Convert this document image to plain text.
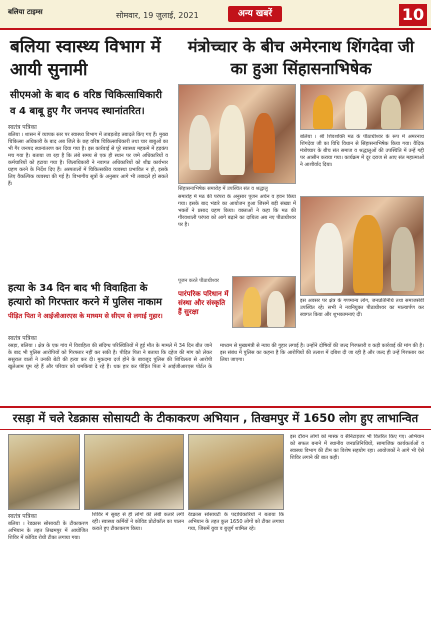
बलिया टाइम्स	सोमवार, 19 जुलाई, 2021	अन्य खबरें	10
बलिया स्वास्थ्य विभाग में आयी सुनामी
सीएमओ के बाद 6 वरिष्ठ चिकित्साधिकारी व 4 बाबू हुए गैर जनपद स्थानांतरित।
स्वतंत्र पत्रिका
बलिया । शासन में व्यापक स्तर पर स्वास्थ्य विभाग में ताबड़तोड़ तबादले किए गए हैं। मुख्य चिकित्सा अधिकारी के बाद अब जिले के छह वरिष्ठ चिकित्साधिकारी तथा चार बाबुओं का भी गैर जनपद स्थानांतरण कर दिया गया है। इस कार्रवाई से पूरे स्वास्थ्य महकमे में हड़कंप मच गया है। बताया जा रहा है कि लंबे समय से एक ही स्थान पर जमे अधिकारियों व कर्मचारियों को हटाया गया है। जिलाधिकारी ने नवागत अधिकारियों को शीघ्र कार्यभार ग्रहण करने के निर्देश दिए हैं। अस्पतालों में चिकित्सकीय व्यवस्था प्रभावित न हो, इसके लिए वैकल्पिक व्यवस्था की गई है। विभागीय सूत्रों के अनुसार आगे भी तबादले हो सकते हैं।
हत्या के 34 दिन बाद भी विवाहिता के हत्यारो को गिरफ्तार करने में पुलिस नाकाम
पीड़ित पिता ने आईजीआरएस के माध्यम से सीएम से लगाई गुहार।
स्वतंत्र पत्रिका
रसड़ा, बलिया । क्षेत्र के एक गांव में विवाहिता की संदिग्ध परिस्थितियों में हुई मौत के मामले में 34 दिन बीत जाने के बाद भी पुलिस आरोपियों को गिरफ्तार नहीं कर सकी है। पीड़ित पिता ने बताया कि दहेज की मांग को लेकर ससुराल वालों ने उनकी बेटी की हत्या कर दी। मुकदमा दर्ज होने के बावजूद पुलिस की शिथिलता से आरोपी खुलेआम घूम रहे हैं और परिवार को धमकियां दे रहे हैं। थक हार कर पीड़ित पिता ने आईजीआरएस पोर्टल के माध्यम से मुख्यमंत्री से न्याय की गुहार लगाई है। उन्होंने दोषियों की जल्द गिरफ्तारी व कड़ी कार्रवाई की मांग की है। इस संबंध में पुलिस का कहना है कि आरोपियों की तलाश में दबिश दी जा रही है और जल्द ही उन्हें गिरफ्तार कर लिया जाएगा।
मंत्रोच्चार के बीच अमेरनाथ शिंगदेवा जी का हुआ सिंहासनाभिषेक
सिंहासनाभिषेक समारोह में उपस्थित संत व श्रद्धालु
बलिया । श्री शिवशक्ति मठ के पीठाधीश्वर के रूप में अमरनाथ शिंगदेवा जी का विधि विधान से सिंहासनाभिषेक किया गया। वैदिक मंत्रोच्चार के बीच संत समाज व श्रद्धालुओं की उपस्थिति में उन्हें गद्दी पर आसीन कराया गया। कार्यक्रम में दूर दराज से आए संत महात्माओं ने आशीर्वाद दिया।
समारोह में मठ की परंपरा के अनुसार पूजन अर्चन व हवन किया गया। इसके बाद भंडारे का आयोजन हुआ जिसमें बड़ी संख्या में भक्तों ने प्रसाद ग्रहण किया। वक्ताओं ने कहा कि मठ की गौरवशाली परंपरा को आगे बढ़ाने का दायित्व अब नए पीठाधीश्वर पर है।
पूजन करते पीठाधीश्वर
पारंपरिक परिधान में संस्था और संस्कृति हैं सुरक्षा
इस अवसर पर क्षेत्र के गणमान्य लोग, जनप्रतिनिधि तथा समाजसेवी उपस्थित रहे। सभी ने नवनियुक्त पीठाधीश्वर का माल्यार्पण कर स्वागत किया और शुभकामनाएं दीं।
रसड़ा में चले रेडक्रास सोसायटी के टीकाकरण अभियान , तिखमपुर में 1650 लोग हुए लाभान्वित
स्वतंत्र पत्रिका
बलिया । रेडक्रास सोसायटी के टीकाकरण अभियान के तहत तिखमपुर में आयोजित शिविर में कोविड रोधी टीका लगाया गया।
शिविर में सुबह से ही लोगों की लंबी कतारें लगी रहीं। स्वास्थ्य कर्मियों ने कोविड प्रोटोकॉल का पालन कराते हुए टीकाकरण किया।
रेडक्रास सोसायटी के पदाधिकारियों ने बताया कि अभियान के तहत कुल 1650 लोगों को टीका लगाया गया, जिसमें युवा व बुजुर्ग शामिल रहे।
इस दौरान लोगों को मास्क व सैनिटाइजर भी वितरित किए गए। अभियान को सफल बनाने में स्थानीय जनप्रतिनिधियों, सामाजिक कार्यकर्ताओं व स्वास्थ्य विभाग की टीम का विशेष सहयोग रहा। आयोजकों ने आगे भी ऐसे शिविर लगाने की बात कही।
